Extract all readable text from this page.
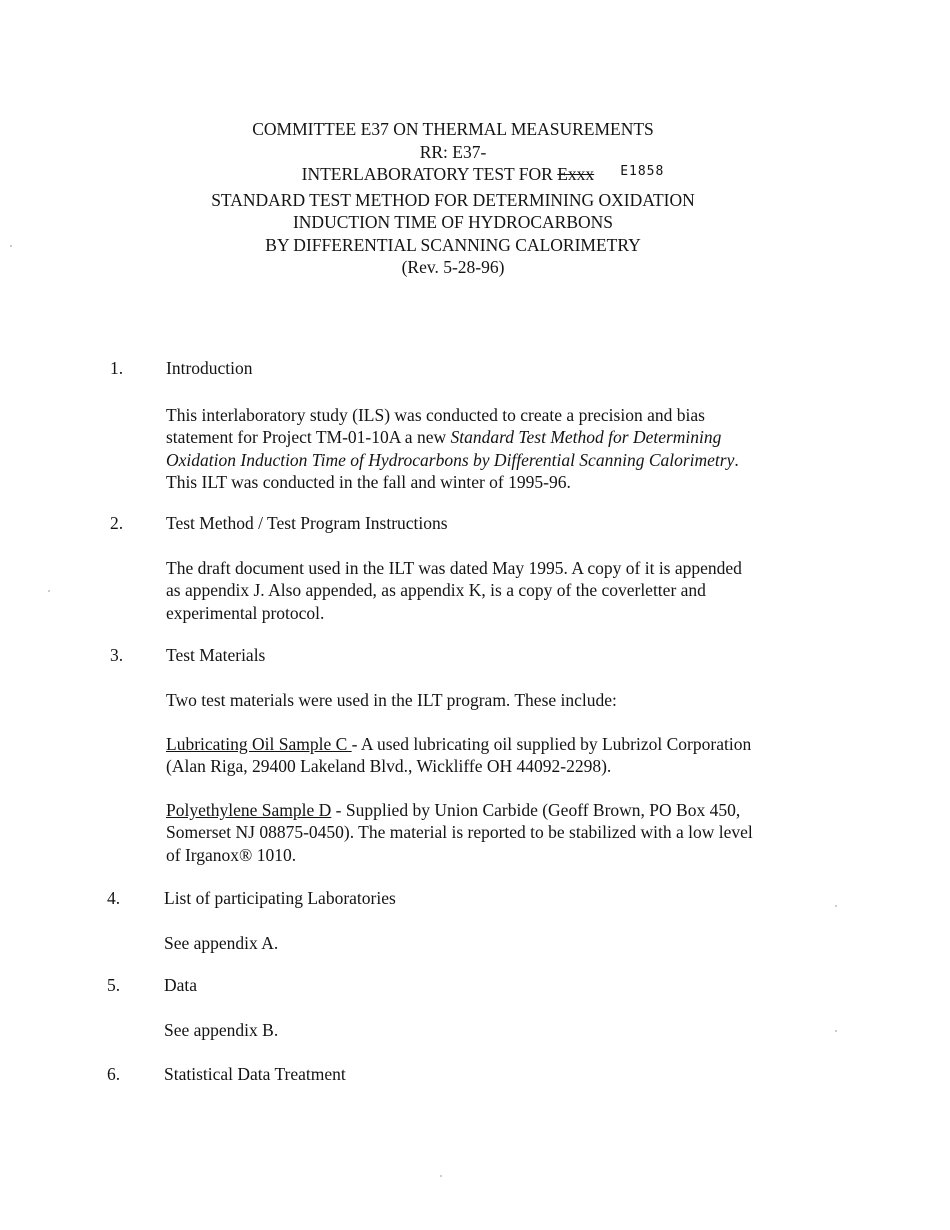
COMMITTEE E37 ON THERMAL MEASUREMENTS
RR: E37-
INTERLABORATORY TEST FOR Exxx $^{E1858}$
STANDARD TEST METHOD FOR DETERMINING OXIDATION
INDUCTION TIME OF HYDROCARBONS
BY DIFFERENTIAL SCANNING CALORIMETRY
(Rev. 5-28-96)
1. Introduction
This interlaboratory study (ILS) was conducted to create a precision and bias
statement for Project TM-01-10A a new Standard Test Method for Determining
Oxidation Induction Time of Hydrocarbons by Differential Scanning Calorimetry.
This ILT was conducted in the fall and winter of 1995-96.
2. Test Method / Test Program Instructions
The draft document used in the ILT was dated May 1995. A copy of it is appended
as appendix J. Also appended, as appendix K, is a copy of the coverletter and
experimental protocol.
3. Test Materials
Two test materials were used in the ILT program. These include:
Lubricating Oil Sample C - A used lubricating oil supplied by Lubrizol Corporation
(Alan Riga, 29400 Lakeland Blvd., Wickliffe OH 44092-2298).
Polyethylene Sample D - Supplied by Union Carbide (Geoff Brown, PO Box 450,
Somerset NJ 08875-0450). The material is reported to be stabilized with a low level
of Irganox® 1010.
4.	List of participating Laboratories
See appendix A.
5.	Data
See appendix B.
6.	Statistical Data Treatment
